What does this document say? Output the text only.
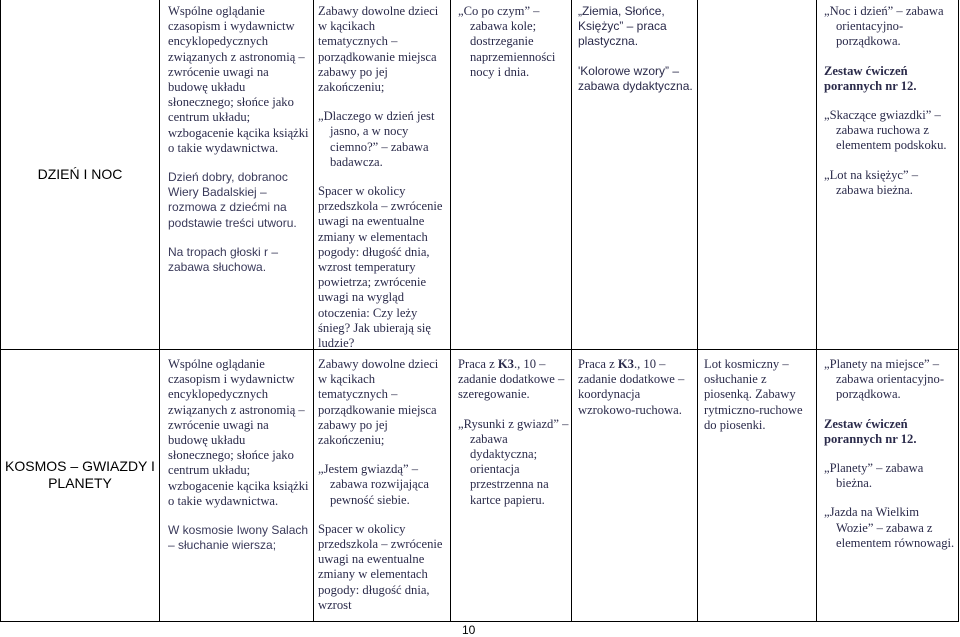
DZIEŃ I NOC

Wspólne oglądanie czasopism i wydawnictw encyklopedycznych związanych z astronomią – zwrócenie uwagi na budowę układu słonecznego; słońce jako centrum układu; wzbogacenie kącika książki o takie wydawnictwa.

Dzień dobry, dobranoc Wiery Badalskiej – rozmowa z dziećmi na podstawie treści utworu.

Na tropach głoski r – zabawa słuchowa.

Zabawy dowolne dzieci w kącikach tematycznych – porządkowanie miejsca zabawy po jej zakończeniu;

„Dlaczego w dzień jest jasno, a w nocy ciemno?” – zabawa badawcza.

Spacer w okolicy przedszkola – zwrócenie uwagi na ewentualne zmiany w elementach pogody: długość dnia, wzrost temperatury powietrza; zwrócenie uwagi na wygląd otoczenia: Czy leży śnieg? Jak ubierają się ludzie?

„Co po czym” – zabawa kole; dostrzeganie naprzemienności nocy i dnia.

„Ziemia, Słońce, Księżyc” – praca plastyczna.

'Kolorowe wzory” – zabawa dydaktyczna.

„Noc i dzień” – zabawa orientacyjno-porządkowa.

Zestaw ćwiczeń porannych nr 12.

„Skaczące gwiazdki” – zabawa ruchowa z elementem podskoku.

„Lot na księżyc” – zabawa bieżna.

KOSMOS – GWIAZDY I PLANETY

Wspólne oglądanie czasopism i wydawnictw encyklopedycznych związanych z astronomią – zwrócenie uwagi na budowę układu słonecznego; słońce jako centrum układu; wzbogacenie kącika książki o takie wydawnictwa.

W kosmosie Iwony Salach – słuchanie wiersza;

Zabawy dowolne dzieci w kącikach tematycznych – porządkowanie miejsca zabawy po jej zakończeniu;

„Jestem gwiazdą” – zabawa rozwijająca pewność siebie.

Spacer w okolicy przedszkola – zwrócenie uwagi na ewentualne zmiany w elementach pogody: długość dnia, wzrost

Praca z K3., 10 – zadanie dodatkowe – szeregowanie.

„Rysunki z gwiazd” – zabawa dydaktyczna; orientacja przestrzenna na kartce papieru.

Praca z K3., 10 – zadanie dodatkowe – koordynacja wzrokowo-ruchowa.

Lot kosmiczny – osłuchanie z piosenką. Zabawy rytmiczno-ruchowe do piosenki.

„Planety na miejsce” – zabawa orientacyjno-porządkowa.

Zestaw ćwiczeń porannych nr 12.

„Planety” – zabawa bieżna.

„Jazda na Wielkim Wozie” – zabawa z elementem równowagi.

10
